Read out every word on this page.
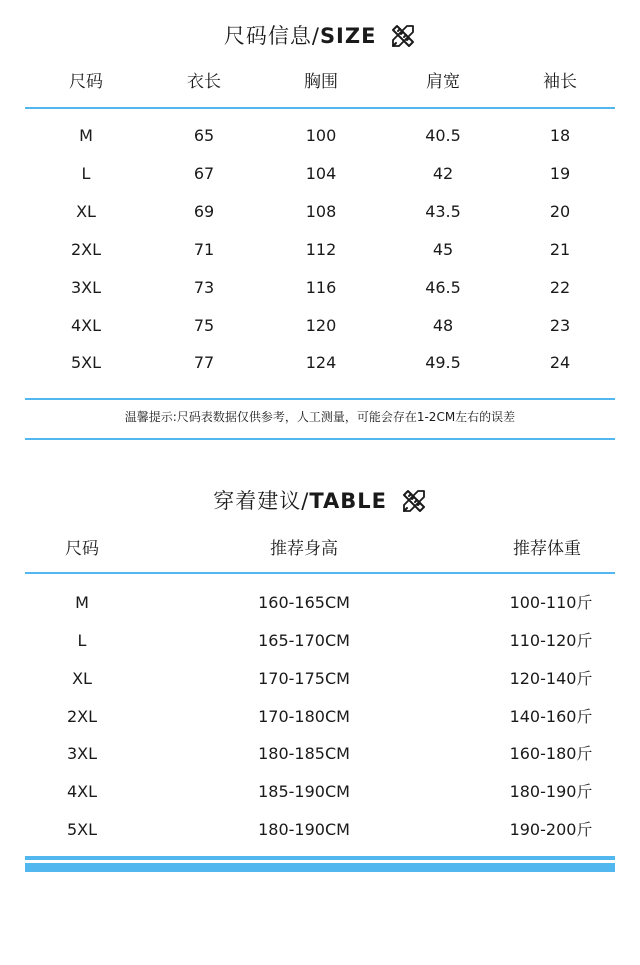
尺码信息/SIZE
尺码	衣长	胸围	肩宽	袖长
M	65	100	40.5	18
L	67	104	42	19
XL	69	108	43.5	20
2XL	71	112	45	21
3XL	73	116	46.5	22
4XL	75	120	48	23
5XL	77	124	49.5	24
温馨提示:尺码表数据仅供参考，人工测量，可能会存在1-2CM左右的误差
穿着建议/TABLE
尺码	推荐身高	推荐体重
M	160-165CM	100-110斤
L	165-170CM	110-120斤
XL	170-175CM	120-140斤
2XL	170-180CM	140-160斤
3XL	180-185CM	160-180斤
4XL	185-190CM	180-190斤
5XL	180-190CM	190-200斤
